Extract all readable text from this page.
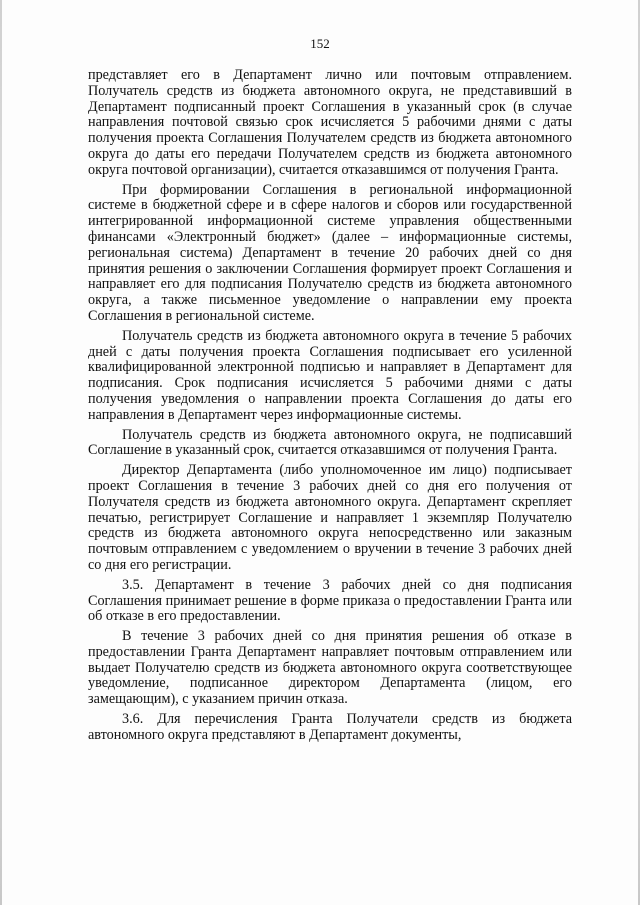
152

представляет его в Департамент лично или почтовым отправлением. Получатель средств из бюджета автономного округа, не представивший в Департамент подписанный проект Соглашения в указанный срок (в случае направления почтовой связью срок исчисляется 5 рабочими днями с даты получения проекта Соглашения Получателем средств из бюджета автономного округа до даты его передачи Получателем средств из бюджета автономного округа почтовой организации), считается отказавшимся от получения Гранта.

При формировании Соглашения в региональной информационной системе в бюджетной сфере и в сфере налогов и сборов или государственной интегрированной информационной системе управления общественными финансами «Электронный бюджет» (далее – информационные системы, региональная система) Департамент в течение 20 рабочих дней со дня принятия решения о заключении Соглашения формирует проект Соглашения и направляет его для подписания Получателю средств из бюджета автономного округа, а также письменное уведомление о направлении ему проекта Соглашения в региональной системе.

Получатель средств из бюджета автономного округа в течение 5 рабочих дней с даты получения проекта Соглашения подписывает его усиленной квалифицированной электронной подписью и направляет в Департамент для подписания. Срок подписания исчисляется 5 рабочими днями с даты получения уведомления о направлении проекта Соглашения до даты его направления в Департамент через информационные системы.

Получатель средств из бюджета автономного округа, не подписавший Соглашение в указанный срок, считается отказавшимся от получения Гранта.

Директор Департамента (либо уполномоченное им лицо) подписывает проект Соглашения в течение 3 рабочих дней со дня его получения от Получателя средств из бюджета автономного округа. Департамент скрепляет печатью, регистрирует Соглашение и направляет 1 экземпляр Получателю средств из бюджета автономного округа непосредственно или заказным почтовым отправлением с уведомлением о вручении в течение 3 рабочих дней со дня его регистрации.

3.5. Департамент в течение 3 рабочих дней со дня подписания Соглашения принимает решение в форме приказа о предоставлении Гранта или об отказе в его предоставлении.

В течение 3 рабочих дней со дня принятия решения об отказе в предоставлении Гранта Департамент направляет почтовым отправлением или выдает Получателю средств из бюджета автономного округа соответствующее уведомление, подписанное директором Департамента (лицом, его замещающим), с указанием причин отказа.

3.6. Для перечисления Гранта Получатели средств из бюджета автономного округа представляют в Департамент документы,
